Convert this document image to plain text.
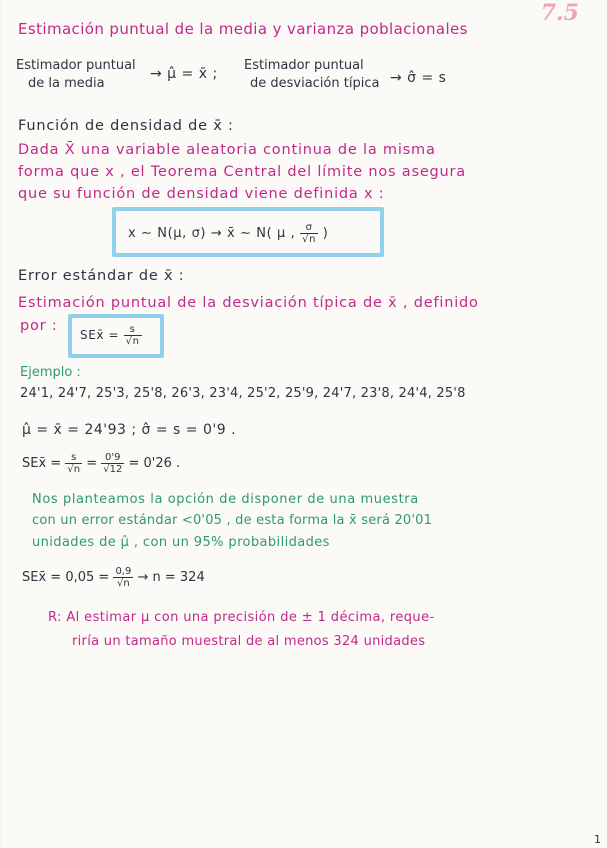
7.5
Estimación puntual de la media y varianza poblacionales
Estimador puntual
de la media
→ μ̂ = x̄ ;
Estimador puntual
de desviación típica → σ̂ = s
Función de densidad de x̄ :
Dada X̄ una variable aleatoria continua de la misma
forma que x , el Teorema Central del límite nos asegura
que su función de densidad viene definida x :
x ∼ N(μ, σ) → x̄ ∼ N( μ , $\frac{\sigma}{√n}$ )
Error estándar de x̄ :
Estimación puntual de la desviación típica de x̄ , definido
por :
SEx̄ = $\frac{s}{√n}$
Ejemplo :
24'1, 24'7, 25'3, 25'8, 26'3, 23'4, 25'2, 25'9, 24'7, 23'8, 24'4, 25'8
μ̂ = x̄ = 24'93 ; σ̂ = s = 0'9 .
SEx̄ = $\frac{s}{√n} = \frac{0'9}{√12} = 0'26$ .
Nos planteamos la opción de disponer de una muestra
con un error estándar <0'05 , de esta forma la x̄ será 20'01
unidades de μ̂ , con un 95% probabilidades
SEx̄ = $0,05 = \frac{0,9}{√n} \to n = 324$
R: Al estimar μ con una precisión de ± 1 décima, reque-
riría un tamaño muestral de al menos 324 unidades
1
